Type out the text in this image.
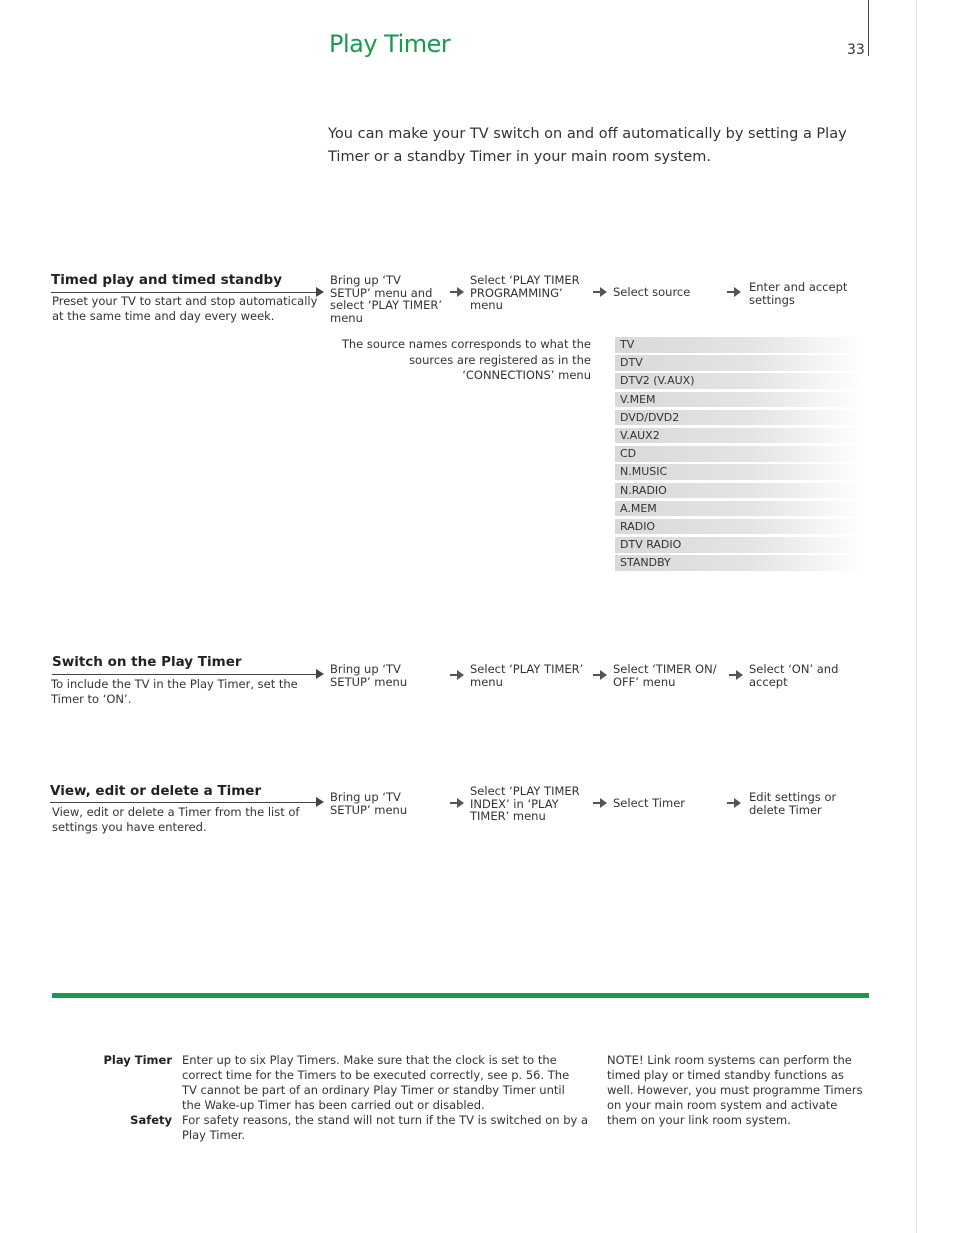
Play Timer	33
You can make your TV switch on and off automatically by setting a Play Timer or a standby Timer in your main room system.
Timed play and timed standby
Preset your TV to start and stop automatically at the same time and day every week.
Bring up ‘TV SETUP’ menu and select ‘PLAY TIMER’ menu
Select ‘PLAY TIMER PROGRAMMING’ menu
Select source	Enter and accept settings
The source names corresponds to what the sources are registered as in the ‘CONNECTIONS’ menu
TV
DTV
DTV2 (V.AUX)
V.MEM
DVD/DVD2
V.AUX2
CD
N.MUSIC
N.RADIO
A.MEM
RADIO
DTV RADIO
STANDBY
Switch on the Play Timer
To include the TV in the Play Timer, set the Timer to ‘ON’.
Bring up ‘TV SETUP’ menu
Select ‘PLAY TIMER’ menu
Select ‘TIMER ON/ OFF’ menu
Select ‘ON’ and accept
View, edit or delete a Timer
View, edit or delete a Timer from the list of settings you have entered.
Bring up ‘TV SETUP’ menu
Select ‘PLAY TIMER INDEX’ in ‘PLAY TIMER’ menu
Select Timer	Edit settings or delete Timer
Play Timer Enter up to six Play Timers. Make sure that the clock is set to the correct time for the Timers to be executed correctly, see p. 56. The TV cannot be part of an ordinary Play Timer or standby Timer until the Wake-up Timer has been carried out or disabled.
Safety For safety reasons, the stand will not turn if the TV is switched on by a Play Timer.
NOTE! Link room systems can perform the timed play or timed standby functions as well. However, you must programme Timers on your main room system and activate them on your link room system.
